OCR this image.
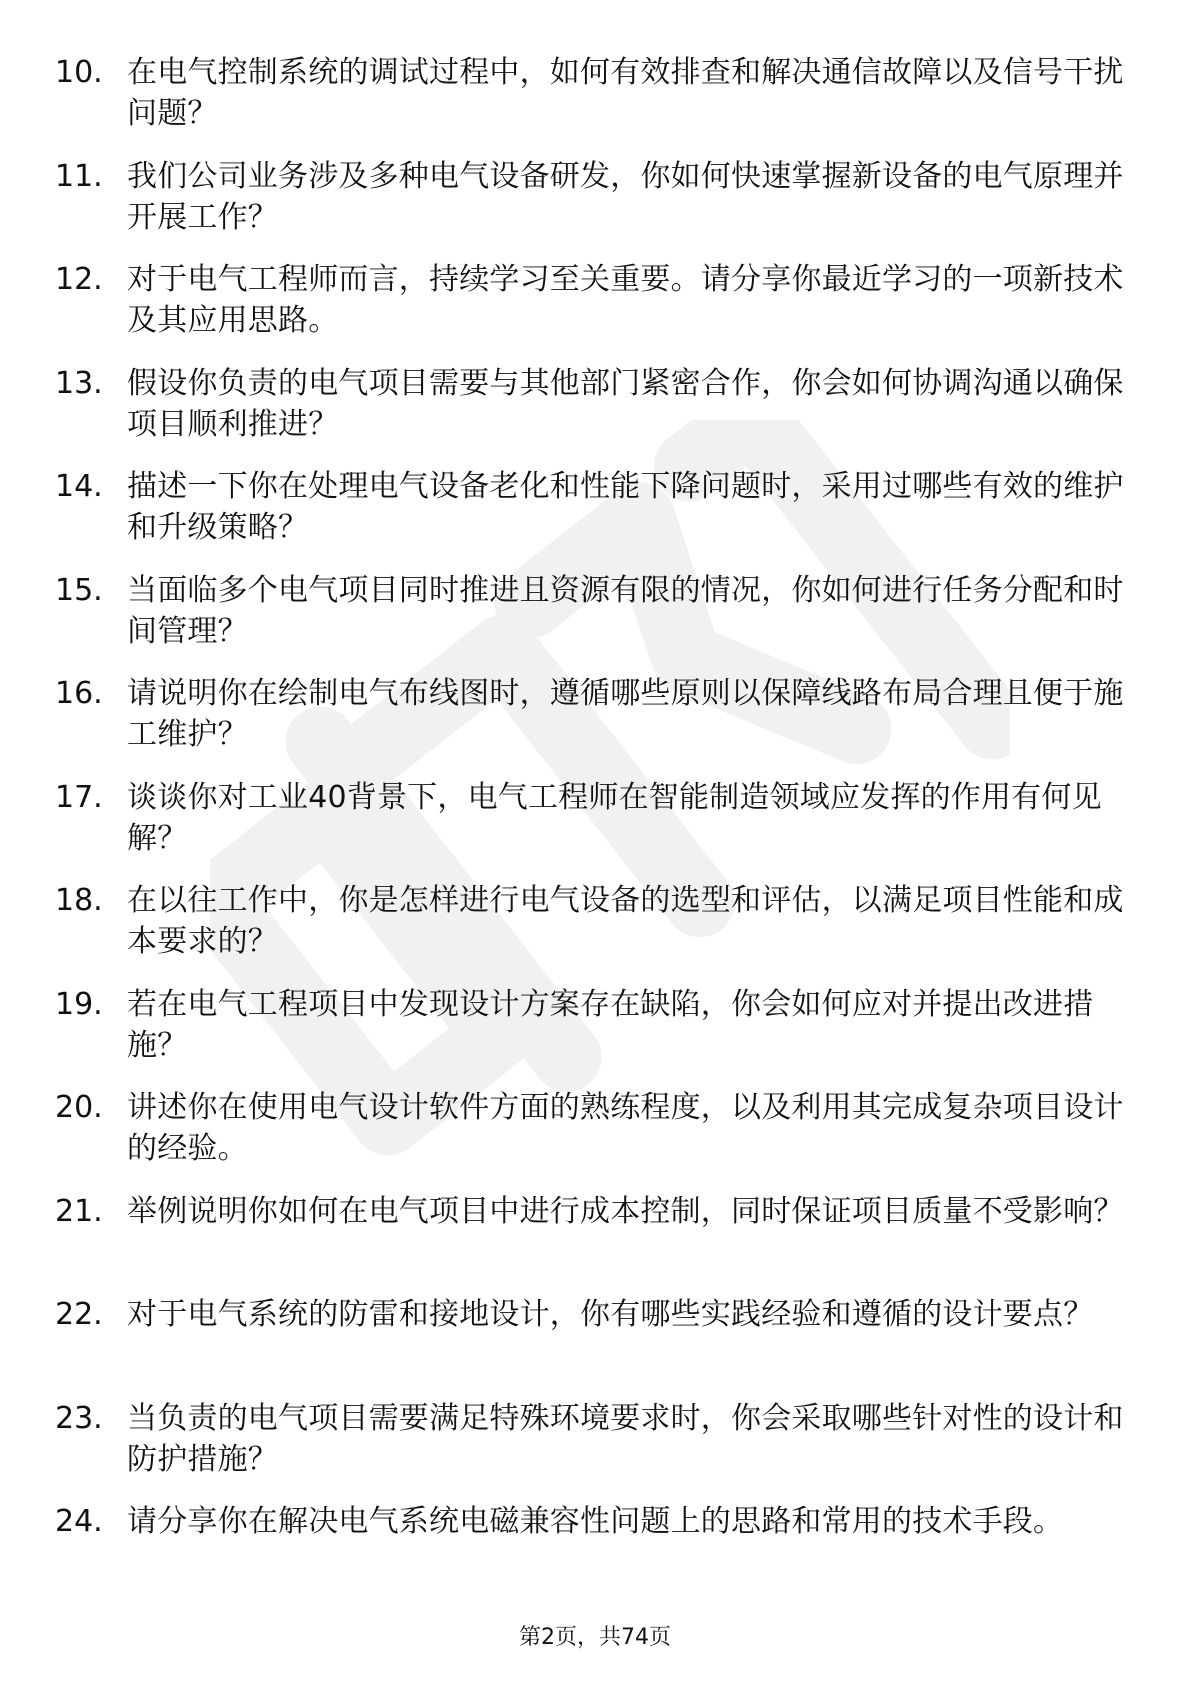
10. 在电气控制系统的调试过程中，如何有效排查和解决通信故障以及信号干扰问题？
11. 我们公司业务涉及多种电气设备研发，你如何快速掌握新设备的电气原理并开展工作？
12. 对于电气工程师而言，持续学习至关重要。请分享你最近学习的一项新技术及其应用思路。
13. 假设你负责的电气项目需要与其他部门紧密合作，你会如何协调沟通以确保项目顺利推进？
14. 描述一下你在处理电气设备老化和性能下降问题时，采用过哪些有效的维护和升级策略？
15. 当面临多个电气项目同时推进且资源有限的情况，你如何进行任务分配和时间管理？
16. 请说明你在绘制电气布线图时，遵循哪些原则以保障线路布局合理且便于施工维护？
17. 谈谈你对工业40背景下，电气工程师在智能制造领域应发挥的作用有何见解？
18. 在以往工作中，你是怎样进行电气设备的选型和评估，以满足项目性能和成本要求的？
19. 若在电气工程项目中发现设计方案存在缺陷，你会如何应对并提出改进措施？
20. 讲述你在使用电气设计软件方面的熟练程度，以及利用其完成复杂项目设计的经验。
21. 举例说明你如何在电气项目中进行成本控制，同时保证项目质量不受影响？
22. 对于电气系统的防雷和接地设计，你有哪些实践经验和遵循的设计要点？
23. 当负责的电气项目需要满足特殊环境要求时，你会采取哪些针对性的设计和防护措施？
24. 请分享你在解决电气系统电磁兼容性问题上的思路和常用的技术手段。
第2页，共74页
